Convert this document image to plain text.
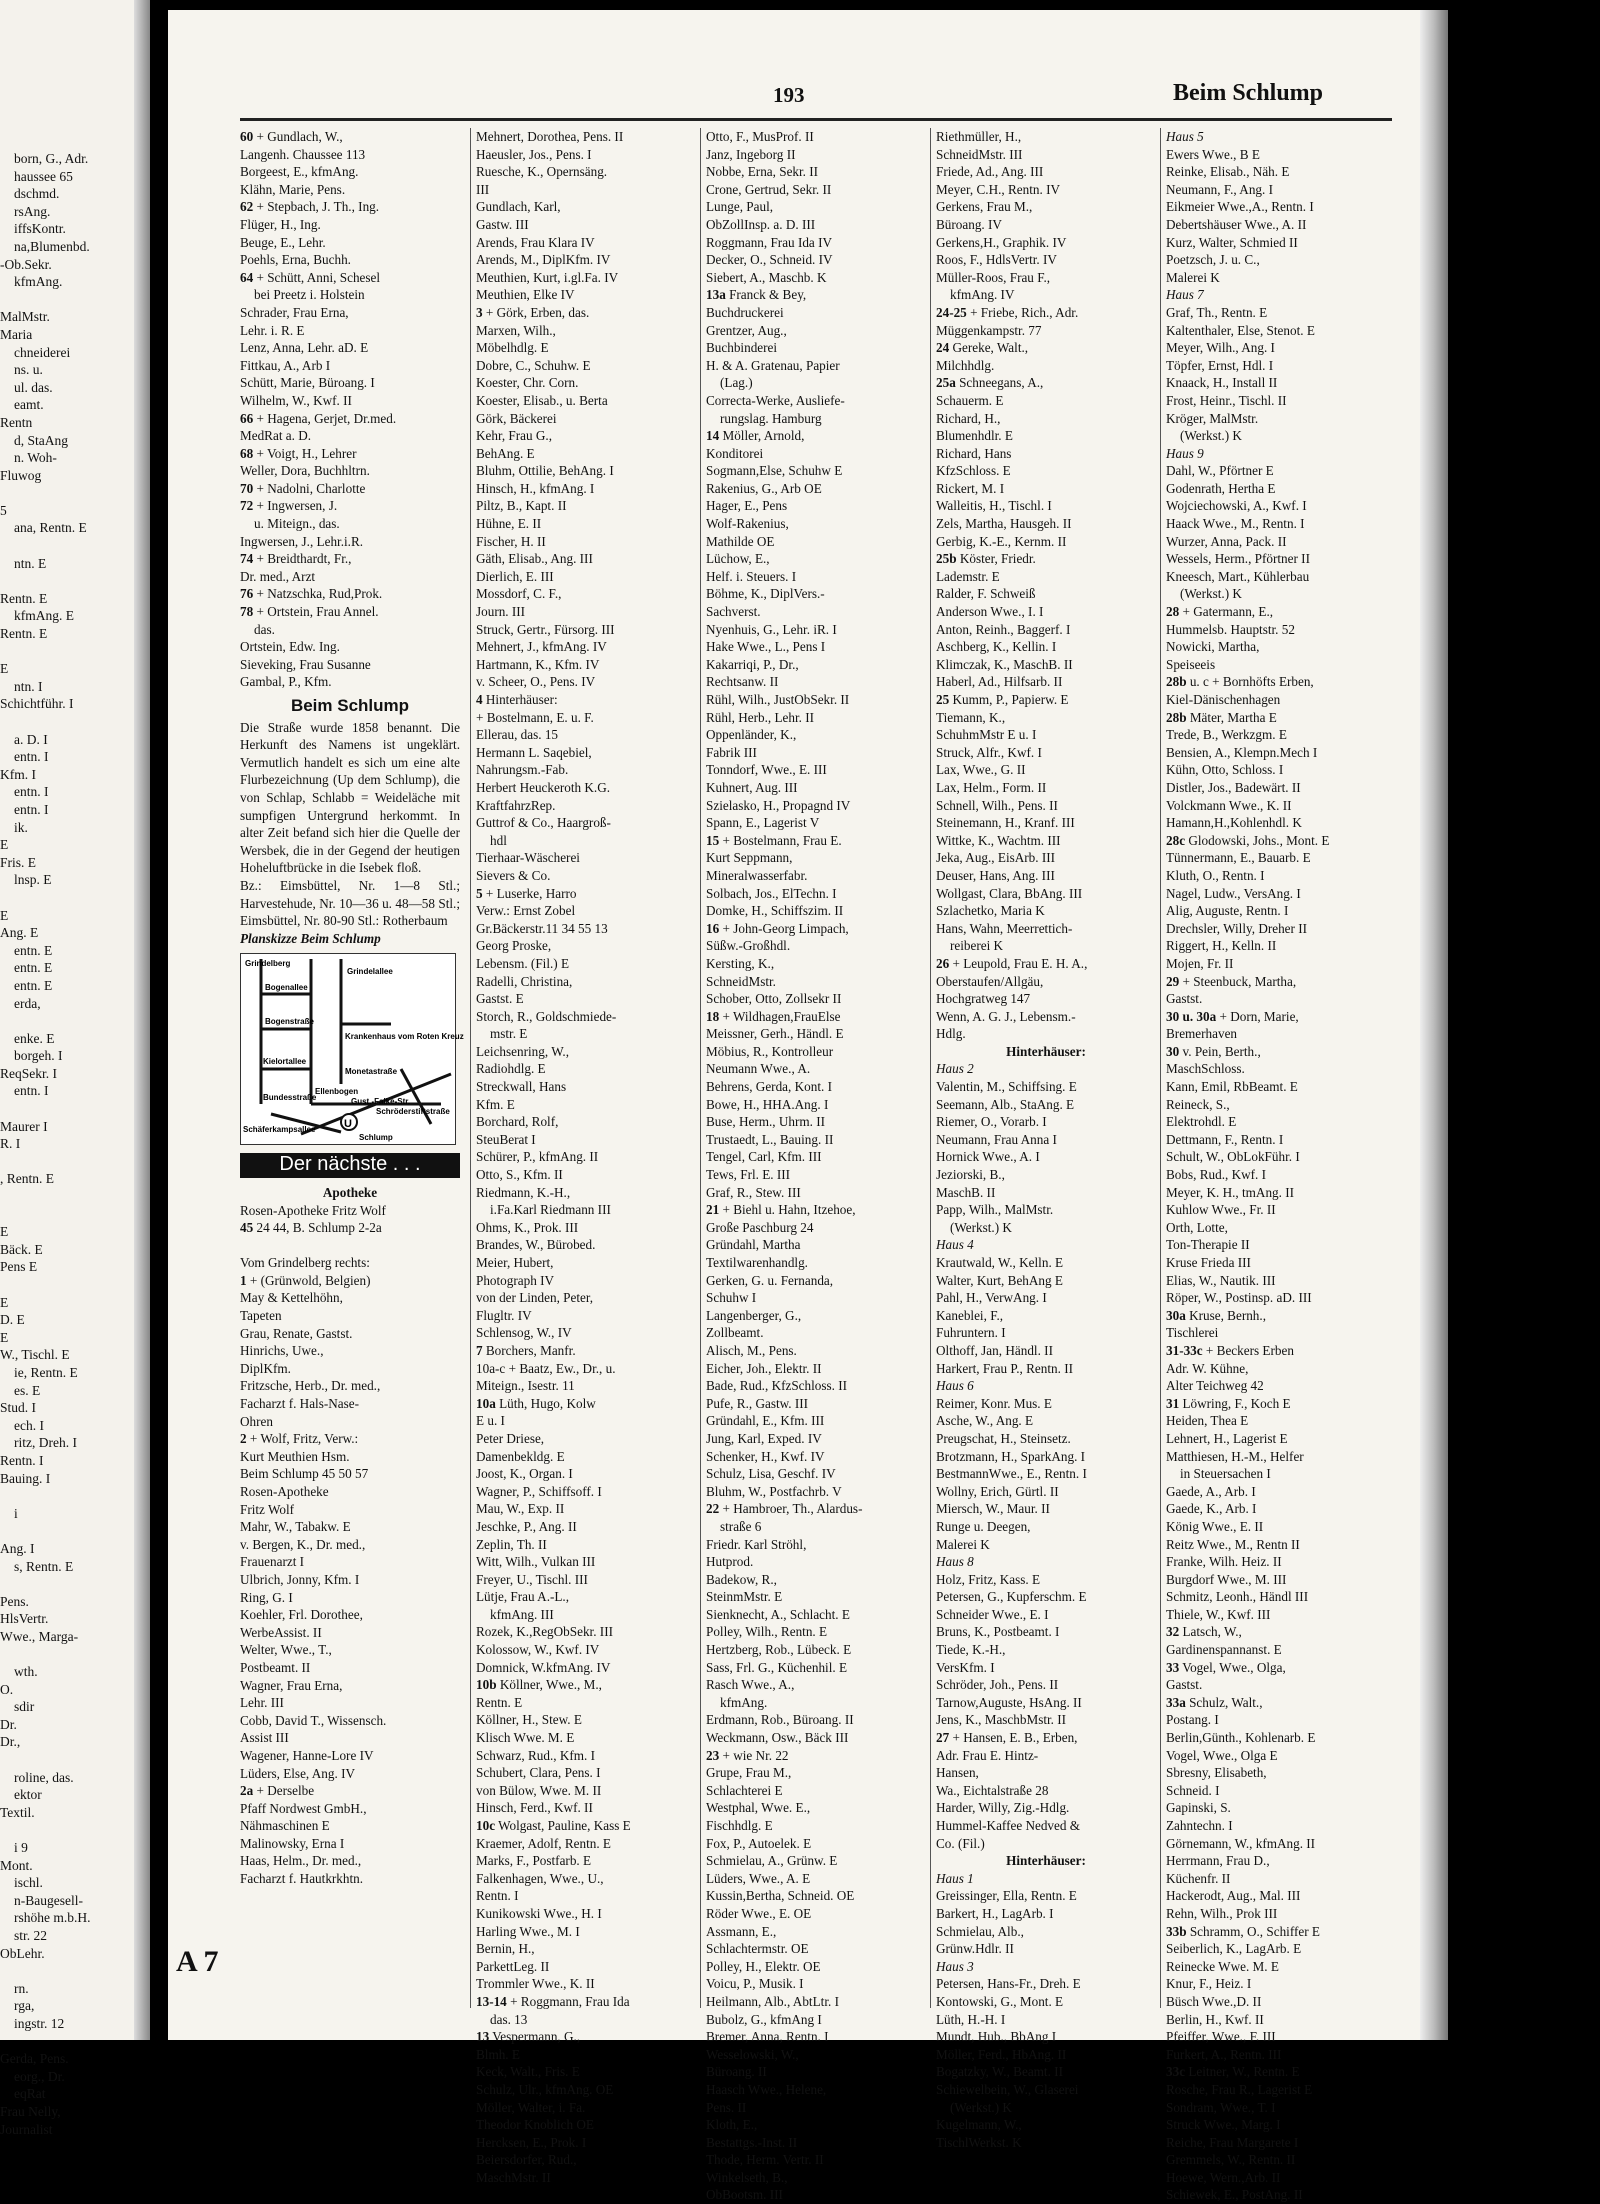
born, G., Adr.
haussee 65
dschmd.
rsAng.
iffsKontr.
na,Blumenbd.
-Ob.Sekr.
kfmAng.

MalMstr.
Maria
chneiderei
ns. u.
ul. das.
eamt.
Rentn
d, StaAng
n. Woh-
Fluwog

5
ana, Rentn. E

ntn. E

Rentn. E
kfmAng. E
Rentn. E

E
ntn. I
Schichtführ. I

a. D. I
entn. I
Kfm. I
entn. I
entn. I
ik.
E
Fris. E
lnsp. E

E
Ang. E
entn. E
entn. E
entn. E
erda,

enke. E
borgeh. I
ReqSekr. I
entn. I

Maurer I
R. I

, Rentn. E

E
Bäck. E
Pens E

E
D. E
E
W., Tischl. E
ie, Rentn. E
es. E
Stud. I
ech. I
ritz, Dreh. I
Rentn. I
Bauing. I

i

Ang. I
s, Rentn. E

Pens.
HlsVertr.
Wwe., Marga-

wth.
O.
sdir
Dr.
Dr.,

roline, das.
ektor
Textil.

i 9
Mont.
ischl.
n-Baugesell-
rshöhe m.b.H.
str. 22
ObLehr.

rn.
rga,
ingstr. 12

Gerda, Pens.
eorg., Dr.
eqRat
Frau Nelly,
Journalist
193	Beim Schlump
60 + Gundlach, W.,
Langenh. Chaussee 113
Borgeest, E., kfmAng.
Klähn, Marie, Pens.
62 + Stepbach, J. Th., Ing.
Flüger, H., Ing.
Beuge, E., Lehr.
Poehls, Erna, Buchh.
64 + Schütt, Anni, Schesel
bei Preetz i. Holstein
Schrader, Frau Erna,
Lehr. i. R. E
Lenz, Anna, Lehr. aD. E
Fittkau, A., Arb I
Schütt, Marie, Büroang. I
Wilhelm, W., Kwf. II
66 + Hagena, Gerjet, Dr.med.
MedRat a. D.
68 + Voigt, H., Lehrer
Weller, Dora, Buchhltrn.
70 + Nadolni, Charlotte
72 + Ingwersen, J.
u. Miteign., das.
Ingwersen, J., Lehr.i.R.
74 + Breidthardt, Fr.,
Dr. med., Arzt
76 + Natzschka, Rud,Prok.
78 + Ortstein, Frau Annel.
das.
Ortstein, Edw. Ing.
Sieveking, Frau Susanne
Gambal, P., Kfm.
Beim Schlump
Die Straße wurde 1858 benannt. Die Herkunft des Namens ist ungeklärt. Vermutlich handelt es sich um eine alte Flurbezeichnung (Up dem Schlump), die von Schlap, Schlabb = Weideläche mit sumpfigen Untergrund herkommt. In alter Zeit befand sich hier die Quelle der Wersbek, die in der Gegend der heutigen Hoheluftbrücke in die Isebek floß.
Bz.: Eimsbüttel, Nr. 1—8 Stl.; Harvestehude, Nr. 10—36 u. 48—58 Stl.; Eimsbüttel, Nr. 80-90 Stl.: Rotherbaum
Planskizze Beim Schlump
U
Grindelberg
Grindelallee
Bogenallee
Bogenstraße
Kielortallee
Krankenhaus vom Roten Kreuz
Monetastraße
Bundesstraße
Ellenbogen
Gust.-Falke-Str.
Schröderstiftstraße
Schäferkampsallee
Schlump
Der nächste . . .
Apotheke
Rosen-Apotheke Fritz Wolf
45 24 44, B. Schlump 2-2a

Vom Grindelberg rechts:
1 + (Grünwold, Belgien)
May & Kettelhöhn,
Tapeten
Grau, Renate, Gastst.
Hinrichs, Uwe.,
DiplKfm.
Fritzsche, Herb., Dr. med.,
Facharzt f. Hals-Nase-
Ohren
2 + Wolf, Fritz, Verw.:
Kurt Meuthien Hsm.
Beim Schlump 45 50 57
Rosen-Apotheke
Fritz Wolf
Mahr, W., Tabakw. E
v. Bergen, K., Dr. med.,
Frauenarzt I
Ulbrich, Jonny, Kfm. I
Ring, G. I
Koehler, Frl. Dorothee,
WerbeAssist. II
Welter, Wwe., T.,
Postbeamt. II
Wagner, Frau Erna,
Lehr. III
Cobb, David T., Wissensch.
Assist III
Wagener, Hanne-Lore IV
Lüders, Else, Ang. IV
2a + Derselbe
Pfaff Nordwest GmbH.,
Nähmaschinen E
Malinowsky, Erna I
Haas, Helm., Dr. med.,
Facharzt f. Hautkrkhtn.

Mehnert, Dorothea, Pens. II
Haeusler, Jos., Pens. I
Ruesche, K., Opernsäng.
III
Gundlach, Karl,
Gastw. III
Arends, Frau Klara IV
Arends, M., DiplKfm. IV
Meuthien, Kurt, i.gl.Fa. IV
Meuthien, Elke IV
3 + Görk, Erben, das.
Marxen, Wilh.,
Möbelhdlg. E
Dobre, C., Schuhw. E
Koester, Chr. Corn.
Koester, Elisab., u. Berta
Görk, Bäckerei
Kehr, Frau G.,
BehAng. E
Bluhm, Ottilie, BehAng. I
Hinsch, H., kfmAng. I
Piltz, B., Kapt. II
Hühne, E. II
Fischer, H. II
Gäth, Elisab., Ang. III
Dierlich, E. III
Mossdorf, C. F.,
Journ. III
Struck, Gertr., Fürsorg. III
Mehnert, J., kfmAng. IV
Hartmann, K., Kfm. IV
v. Scheer, O., Pens. IV
4 Hinterhäuser:
+ Bostelmann, E. u. F.
Ellerau, das. 15
Hermann L. Saqebiel,
Nahrungsm.-Fab.
Herbert Heuckeroth K.G.
KraftfahrzRep.
Guttrof & Co., Haargroß-
hdl
Tierhaar-Wäscherei
Sievers & Co.
5 + Luserke, Harro
Verw.: Ernst Zobel
Gr.Bäckerstr.11 34 55 13
Georg Proske,
Lebensm. (Fil.) E
Radelli, Christina,
Gastst. E
Storch, R., Goldschmiede-
mstr. E
Leichsenring, W.,
Radiohdlg. E
Streckwall, Hans
Kfm. E
Borchard, Rolf,
SteuBerat I
Schürer, P., kfmAng. II
Otto, S., Kfm. II
Riedmann, K.-H.,
i.Fa.Karl Riedmann III
Ohms, K., Prok. III
Brandes, W., Bürobed.
Meier, Hubert,
Photograph IV
von der Linden, Peter,
Flugltr. IV
Schlensog, W., IV
7 Borchers, Manfr.
10a-c + Baatz, Ew., Dr., u.
Miteign., Isestr. 11
10a Lüth, Hugo, Kolw
E u. I
Peter Driese,
Damenbekldg. E
Joost, K., Organ. I
Wagner, P., Schiffsoff. I
Mau, W., Exp. II
Jeschke, P., Ang. II
Zeplin, Th. II
Witt, Wilh., Vulkan III
Freyer, U., Tischl. III
Lütje, Frau A.-L.,
kfmAng. III
Rozek, K.,RegObSekr. III
Kolossow, W., Kwf. IV
Domnick, W.kfmAng. IV
10b Köllner, Wwe., M.,
Rentn. E
Köllner, H., Stew. E
Klisch Wwe. M. E
Schwarz, Rud., Kfm. I
Schubert, Clara, Pens. I
von Bülow, Wwe. M. II
Hinsch, Ferd., Kwf. II
10c Wolgast, Pauline, Kass E
Kraemer, Adolf, Rentn. E
Marks, F., Postfarb. E
Falkenhagen, Wwe., U.,
Rentn. I
Kunikowski Wwe., H. I
Harling Wwe., M. I
Bernin, H.,
ParkettLeg. II
Trommler Wwe., K. II
13-14 + Roggmann, Frau Ida
das. 13
13 Vespermann, G.,
Blmh. E
Keck, Walt., Fris. E
Schulz, Ulr., kfmAng. OE
Möller, Walter, i. Fa.
Theodor Knoblich OE
Hercksen, E., Prok. I
Beiersdorfer, Rud.,
MaschMstr. II
Otto, F., MusProf. II
Janz, Ingeborg II
Nobbe, Erna, Sekr. II
Crone, Gertrud, Sekr. II
Lunge, Paul,
ObZollInsp. a. D. III
Roggmann, Frau Ida IV
Decker, O., Schneid. IV
Siebert, A., Maschb. K
13a Franck & Bey,
Buchdruckerei
Grentzer, Aug.,
Buchbinderei
H. & A. Gratenau, Papier
(Lag.)
Correcta-Werke, Ausliefe-
rungslag. Hamburg
14 Möller, Arnold,
Konditorei
Sogmann,Else, Schuhw E
Rakenius, G., Arb OE
Hager, E., Pens
Wolf-Rakenius,
Mathilde OE
Lüchow, E.,
Helf. i. Steuers. I
Böhme, K., DiplVers.-
Sachverst.
Nyenhuis, G., Lehr. iR. I
Hake Wwe., L., Pens I
Kakarriqi, P., Dr.,
Rechtsanw. II
Rühl, Wilh., JustObSekr. II
Rühl, Herb., Lehr. II
Oppenländer, K.,
Fabrik III
Tonndorf, Wwe., E. III
Kuhnert, Aug. III
Szielasko, H., Propagnd IV
Spann, E., Lagerist V
15 + Bostelmann, Frau E.
Kurt Seppmann,
Mineralwasserfabr.
Solbach, Jos., ElTechn. I
Domke, H., Schiffszim. II
16 + John-Georg Limpach,
Süßw.-Großhdl.
Kersting, K.,
SchneidMstr.
Schober, Otto, Zollsekr II
18 + Wildhagen,FrauElse
Meissner, Gerh., Händl. E
Möbius, R., Kontrolleur
Neumann Wwe., A.
Behrens, Gerda, Kont. I
Bowe, H., HHA.Ang. I
Buse, Herm., Uhrm. II
Trustaedt, L., Bauing. II
Tengel, Carl, Kfm. III
Tews, Frl. E. III
Graf, R., Stew. III
21 + Biehl u. Hahn, Itzehoe,
Große Paschburg 24
Gründahl, Martha
Textilwarenhandlg.
Gerken, G. u. Fernanda,
Schuhw I
Langenberger, G.,
Zollbeamt.
Alisch, M., Pens.
Eicher, Joh., Elektr. II
Bade, Rud., KfzSchloss. II
Pufe, R., Gastw. III
Gründahl, E., Kfm. III
Jung, Karl, Exped. IV
Schenker, H., Kwf. IV
Schulz, Lisa, Geschf. IV
Bluhm, W., Postfachrb. V
22 + Hambroer, Th., Alardus-
straße 6
Friedr. Karl Ströhl,
Hutprod.
Badekow, R.,
SteinmMstr. E
Sienknecht, A., Schlacht. E
Polley, Wilh., Rentn. E
Hertzberg, Rob., Lübeck. E
Sass, Frl. G., Küchenhil. E
Rasch Wwe., A.,
kfmAng.
Erdmann, Rob., Büroang. II
Weckmann, Osw., Bäck III
23 + wie Nr. 22
Grupe, Frau M.,
Schlachterei E
Westphal, Wwe. E.,
Fischhdlg. E
Fox, P., Autoelek. E
Schmielau, A., Grünw. E
Lüders, Wwe., A. E
Kussin,Bertha, Schneid. OE
Röder Wwe., E. OE
Assmann, E.,
Schlachtermstr. OE
Polley, H., Elektr. OE
Voicu, P., Musik. I
Heilmann, Alb., AbtLtr. I
Bubolz, G., kfmAng I
Bremer, Anna, Rentn. I
Wesselowski, W.,
Büroang. II
Haasch Wwe., Helene,
Pens. II
Kloth, E.,
Bestattgs.-Inst. II
Thode, Herm. Vertr. II
Winkelseth, B.,
ObBootsm. III
Riethmüller, H.,
SchneidMstr. III
Friede, Ad., Ang. III
Meyer, C.H., Rentn. IV
Gerkens, Frau M.,
Büroang. IV
Gerkens,H., Graphik. IV
Roos, F., HdlsVertr. IV
Müller-Roos, Frau F.,
kfmAng. IV
24-25 + Friebe, Rich., Adr.
Müggenkampstr. 77
24 Gereke, Walt.,
Milchhdlg.
25a Schneegans, A.,
Schauerm. E
Richard, H.,
Blumenhdlr. E
Richard, Hans
KfzSchloss. E
Rickert, M. I
Walleitis, H., Tischl. I
Zels, Martha, Hausgeh. II
Gerbig, K.-E., Kernm. II
25b Köster, Friedr.
Lademstr. E
Ralder, F. Schweiß
Anderson Wwe., I. I
Anton, Reinh., Baggerf. I
Aschberg, K., Kellin. I
Klimczak, K., MaschB. II
Haberl, Ad., Hilfsarb. II
25 Kumm, P., Papierw. E
Tiemann, K.,
SchuhmMstr E u. I
Struck, Alfr., Kwf. I
Lax, Wwe., G. II
Lax, Helm., Form. II
Schnell, Wilh., Pens. II
Steinemann, H., Kranf. III
Wittke, K., Wachtm. III
Jeka, Aug., EisArb. III
Deuser, Hans, Ang. III
Wollgast, Clara, BbAng. III
Szlachetko, Maria K
Hans, Wahn, Meerrettich-
reiberei K
26 + Leupold, Frau E. H. A.,
Oberstaufen/Allgäu,
Hochgratweg 147
Wenn, A. G. J., Lebensm.-
Hdlg.
Hinterhäuser:
Haus 2
Valentin, M., Schiffsing. E
Seemann, Alb., StaAng. E
Riemer, O., Vorarb. I
Neumann, Frau Anna I
Hornick Wwe., A. I
Jeziorski, B.,
MaschB. II
Papp, Wilh., MalMstr.
(Werkst.) K
Haus 4
Krautwald, W., Kelln. E
Walter, Kurt, BehAng E
Pahl, H., VerwAng. I
Kaneblei, F.,
Fuhruntern. I
Olthoff, Jan, Händl. II
Harkert, Frau P., Rentn. II
Haus 6
Reimer, Konr. Mus. E
Asche, W., Ang. E
Preugschat, H., Steinsetz.
Brotzmann, H., SparkAng. I
BestmannWwe., E., Rentn. I
Wollny, Erich, Gürtl. II
Miersch, W., Maur. II
Runge u. Deegen,
Malerei K
Haus 8
Holz, Fritz, Kass. E
Petersen, G., Kupferschm. E
Schneider Wwe., E. I
Bruns, K., Postbeamt. I
Tiede, K.-H.,
VersKfm. I
Schröder, Joh., Pens. II
Tarnow,Auguste, HsAng. II
Jens, K., MaschbMstr. II
27 + Hansen, E. B., Erben,
Adr. Frau E. Hintz-
Hansen,
Wa., Eichtalstraße 28
Harder, Willy, Zig.-Hdlg.
Hummel-Kaffee Nedved &
Co. (Fil.)
Hinterhäuser:
Haus 1
Greissinger, Ella, Rentn. E
Barkert, H., LagArb. I
Schmielau, Alb.,
Grünw.Hdlr. II
Haus 3
Petersen, Hans-Fr., Dreh. E
Kontowski, G., Mont. E
Lüth, H.-H. I
Mundt, Hub., BbAng I
Möller, Ferd., HbAng. II
Bogatzky, W., Beamt. II
Schiewelbein, W., Glaserei
(Werkst.) K
Kugelmann, W.,
TischlWerkst. K
Haus 5
Ewers Wwe., B E
Reinke, Elisab., Näh. E
Neumann, F., Ang. I
Eikmeier Wwe.,A., Rentn. I
Debertshäuser Wwe., A. II
Kurz, Walter, Schmied II
Poetzsch, J. u. C.,
Malerei K
Haus 7
Graf, Th., Rentn. E
Kaltenthaler, Else, Stenot. E
Meyer, Wilh., Ang. I
Töpfer, Ernst, Hdl. I
Knaack, H., Install II
Frost, Heinr., Tischl. II
Kröger, MalMstr.
(Werkst.) K
Haus 9
Dahl, W., Pförtner E
Godenrath, Hertha E
Wojciechowski, A., Kwf. I
Haack Wwe., M., Rentn. I
Wurzer, Anna, Pack. II
Wessels, Herm., Pförtner II
Kneesch, Mart., Kühlerbau
(Werkst.) K
28 + Gatermann, E.,
Hummelsb. Hauptstr. 52
Nowicki, Martha,
Speiseeis
28b u. c + Bornhöfts Erben,
Kiel-Dänischenhagen
28b Mäter, Martha E
Trede, B., Werkzgm. E
Bensien, A., Klempn.Mech I
Kühn, Otto, Schloss. I
Distler, Jos., Badewärt. II
Volckmann Wwe., K. II
Hamann,H.,Kohlenhdl. K
28c Glodowski, Johs., Mont. E
Tünnermann, E., Bauarb. E
Kluth, O., Rentn. I
Nagel, Ludw., VersAng. I
Alig, Auguste, Rentn. I
Drechsler, Willy, Dreher II
Riggert, H., Kelln. II
Mojen, Fr. II
29 + Steenbuck, Martha,
Gastst.
30 u. 30a + Dorn, Marie,
Bremerhaven
30 v. Pein, Berth.,
MaschSchloss.
Kann, Emil, RbBeamt. E
Reineck, S.,
Elektrohdl. E
Dettmann, F., Rentn. I
Schult, W., ObLokFühr. I
Bobs, Rud., Kwf. I
Meyer, K. H., tmAng. II
Kuhlow Wwe., Fr. II
Orth, Lotte,
Ton-Therapie II
Kruse Frieda III
Elias, W., Nautik. III
Röper, W., Postinsp. aD. III
30a Kruse, Bernh.,
Tischlerei
31-33c + Beckers Erben
Adr. W. Kühne,
Alter Teichweg 42
31 Löwring, F., Koch E
Heiden, Thea E
Lehnert, H., Lagerist E
Matthiesen, H.-M., Helfer
in Steuersachen I
Gaede, A., Arb. I
Gaede, K., Arb. I
König Wwe., E. II
Reitz Wwe., M., Rentn II
Franke, Wilh. Heiz. II
Burgdorf Wwe., M. III
Schmitz, Leonh., Händl III
Thiele, W., Kwf. III
32 Latsch, W.,
Gardinenspannanst. E
33 Vogel, Wwe., Olga,
Gastst.
33a Schulz, Walt.,
Postang. I
Berlin,Günth., Kohlenarb. E
Vogel, Wwe., Olga E
Sbresny, Elisabeth,
Schneid. I
Gapinski, S.
Zahntechn. I
Görnemann, W., kfmAng. II
Herrmann, Frau D.,
Küchenfr. II
Hackerodt, Aug., Mal. III
Rehn, Wilh., Prok III
33b Schramm, O., Schiffer E
Seiberlich, K., LagArb. E
Reinecke Wwe. M. E
Knur, F., Heiz. I
Büsch Wwe.,D. II
Berlin, H., Kwf. II
Pfeiffer, Wwe., F. III
Furkert, A., Rentn. III
33c Leitner, W., Rentn. E
Rosche, Frau R., Lagerist E
Sondram, Wwe., T. I
Struck Wwe., Marg. I
Reiche, Frau Margarete I
Gremmels, W., Rentn. II
Hoewe, Wern.,Arb. II
Schiewek, E., PostAng. II
A 7
